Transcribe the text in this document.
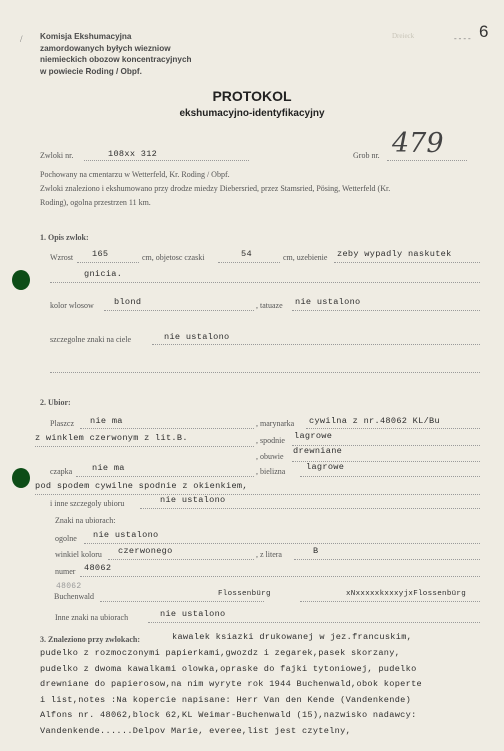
/ Komisja Ekshumacyjna
zamordowanych byłych wiezniow
niemieckich obozow koncentracyjnych
w powiecie Roding / Obpf.
Dreieck	- - - - 6
PROTOKOL
ekshumacyjno-identyfikacyjny
Zwloki nr.	108xx 312	Grob nr. 479
Pochowany na cmentarzu w Wetterfeld, Kr. Roding / Obpf.
Zwloki znaleziono i ekshumowano przy drodze miedzy Diebersried, przez Stamsried, Pösing, Wetterfeld (Kr.
Roding), ogolna przestrzen 11 km.
1. Opis zwlok:
Wzrost 165	cm, objetosc czaski	54	cm, uzebienie zeby wypadly naskutek
gnicia.
kolor wlosow blond	, tatuaze nie ustalono
szczegolne znaki na ciele	nie ustalono
2. Ubior:
Plaszcz nie ma	, marynarka cywilna z nr.48062 KL/Bu
z winklem czerwonym z lit.B.	, spodnie lagrowe
, obuwie
drewniane
czapka nie ma	, bielizna lagrowe
pod spodem cywilne spodnie z okienkiem,
i inne szczegoly ubioru	nie ustalono
Znaki na ubiorach:
ogolne nie ustalono
winkiel koloru czerwonego	, z litera	B
numer 48062
48062
Buchenwald	Flossenbürg	xNxxxxxkxxxyjxFlossenbürg
Inne znaki na ubiorach	nie ustalono
3. Znaleziono przy zwlokach:	kawalek ksiazki drukowanej w jez.francuskim,
pudelko z rozmoczonymi papierkami,gwozdz i zegarek,pasek skorzany,
pudelko z dwoma kawalkami olowka,opraske do fajki tytoniowej, pudelko
drewniane do papierosow,na nim wyryte rok 1944 Buchenwald,obok koperte
i list,notes :Na kopercie napisane: Herr Van den Kende (Vandenkende)
Alfons nr. 48062,block 62,KL Weimar-Buchenwald (15),nazwisko nadawcy:
Vandenkende......Delpov Marie, everee,list jest czytelny,
